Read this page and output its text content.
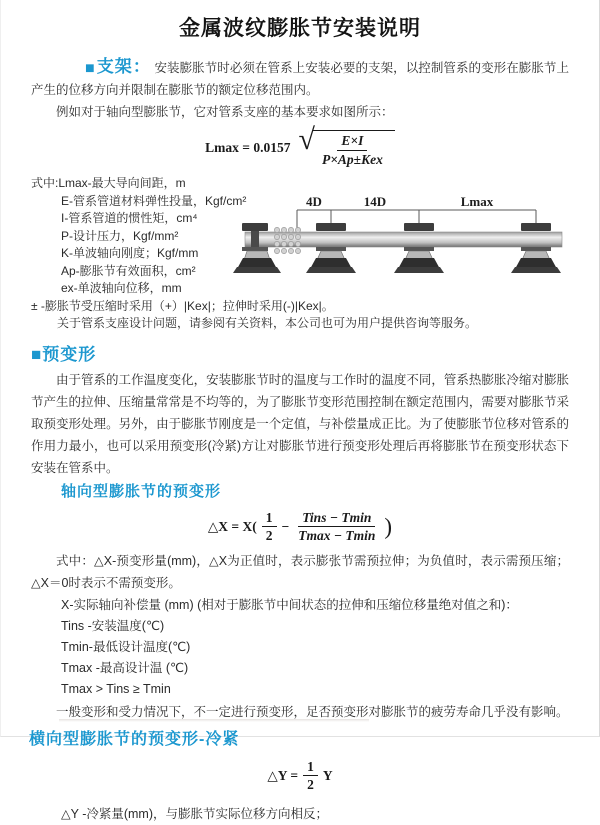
金属波纹膨胀节安装说明

■支架： 安装膨胀节时必须在管系上安装必要的支架，以控制管系的变形在膨胀节上产生的位移方向并限制在膨胀节的额定位移范围内。

例如对于轴向型膨胀节，它对管系支座的基本要求如图所示：

Lmax = 0.0157 √ $\frac{E\times I}{\text{P×Ap±Kex}}$

式中:Lmax-最大导向间距，m

E-管系管道材料弹性投量，Kgf/cm²

I-管系管道的惯性矩，cm⁴

P-设计压力，Kgf/mm²

K-单波轴向刚度；Kgf/mm

Ap-膨胀节有效面积，cm²

ex-单波轴向位移，mm

± -膨胀节受压缩时采用（+）|Kex|；拉伸时采用(-)|Kex|。

关于管系支座设计问题，请参阅有关资料，本公司也可为用户提供咨询等服务。

■预变形

由于管系的工作温度变化，安装膨胀节时的温度与工作时的温度不同，管系热膨胀冷缩对膨胀节产生的拉伸、压缩量常常是不均等的，为了膨胀节变形范围控制在额定范围内，需要对膨胀节采取预变形处理。另外，由于膨胀节刚度是一个定值，与补偿量成正比。为了使膨胀节位移对管系的作用力最小，也可以采用预变形(冷紧)方让对膨胀节进行预变形处理后再将膨胀节在预变形状态下安装在管系中。

轴向型膨胀节的预变形
△X = $X( \frac{1}{2} - \frac{\text{Tins − Tmin}}{Tmax - Tmin}$ )

式中：△X-预变形量(mm)，△X为正值时，表示膨张节需预拉伸；为负值时，表示需预压缩；△X＝0时表示不需预变形。

X-实际轴向补偿量 (mm) (相对于膨胀节中间状态的拉伸和压缩位移量绝对值之和)：

Tins -安装温度(℃)

Tmin-最低设计温度(℃)

Tmax -最高设计温 (℃)

Tmax > Tins ≥ Tmin

一般变形和受力情况下，不一定进行预变形，足否预变形对膨胀节的疲劳寿命几乎没有影响。

横向型膨胀节的预变形-冷紧
△Y = $\frac{1}{2}$ Y

△Y -冷紧量(mm)，与膨胀节实际位移方向相反；

4D	14D	Lmax
